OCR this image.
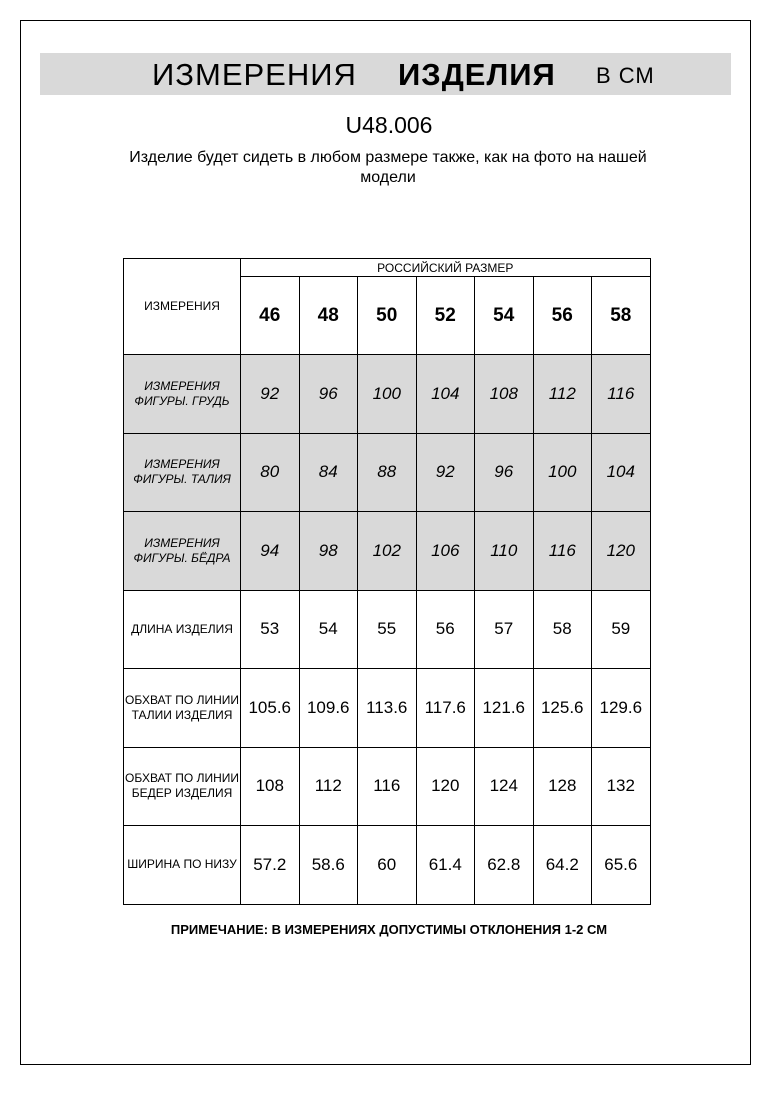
ИЗМЕРЕНИЯ ИЗДЕЛИЯ В СМ
U48.006
Изделие будет сидеть в любом размере также, как на фото на нашей модели
ИЗМЕРЕНИЯ	РОССИЙСКИЙ РАЗМЕР						
	46	48	50	52	54	56	58
ИЗМЕРЕНИЯ ФИГУРЫ. ГРУДЬ	92	96	100	104	108	112	116
ИЗМЕРЕНИЯ ФИГУРЫ. ТАЛИЯ	80	84	88	92	96	100	104
ИЗМЕРЕНИЯ ФИГУРЫ. БЁДРА	94	98	102	106	110	116	120
ДЛИНА ИЗДЕЛИЯ	53	54	55	56	57	58	59
ОБХВАТ ПО ЛИНИИ ТАЛИИ ИЗДЕЛИЯ	105.6	109.6	113.6	117.6	121.6	125.6	129.6
ОБХВАТ ПО ЛИНИИ БЕДЕР ИЗДЕЛИЯ	108	112	116	120	124	128	132
ШИРИНА ПО НИЗУ	57.2	58.6	60	61.4	62.8	64.2	65.6
ПРИМЕЧАНИЕ: В ИЗМЕРЕНИЯХ ДОПУСТИМЫ ОТКЛОНЕНИЯ 1-2 СМ
